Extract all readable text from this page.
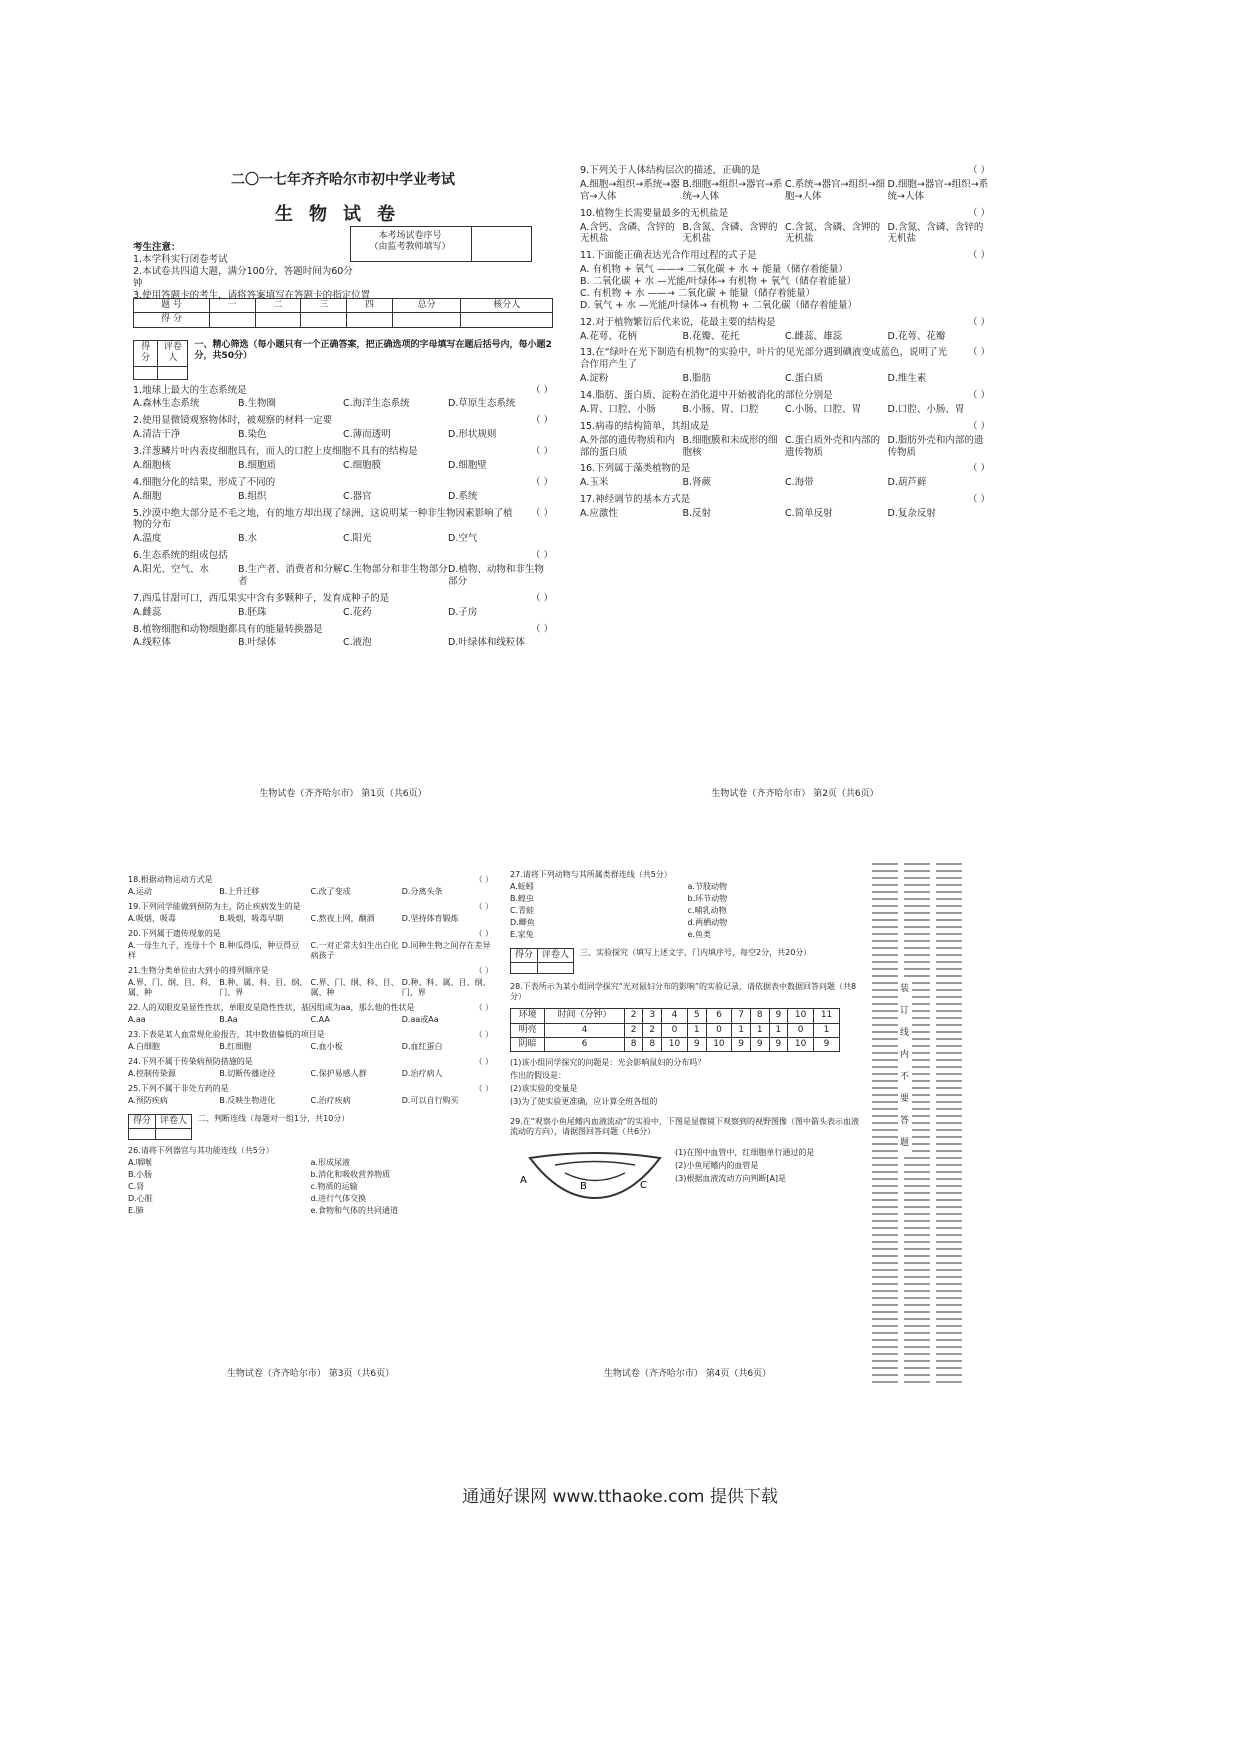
二〇一七年齐齐哈尔市初中学业考试
生物试卷
本考场试卷序号
（由监考教师填写）
考生注意：
1.本学科实行闭卷考试
2.本试卷共四道大题，满分100分，答题时间为60分钟
3.使用答题卡的考生，请将答案填写在答题卡的指定位置
题 号	一	二	三	四	总分	核分人
得 分						
得分	评卷人

一、精心筛选（每小题只有一个正确答案，把正确选项的字母填写在题后括号内，每小题2分，共50分）
1.地球上最大的生态系统是	（ ）
A.森林生态系统	B.生物圈	C.海洋生态系统	D.草原生态系统
2.使用显微镜观察物体时，被观察的材料一定要	（ ）
A.清洁干净	B.染色	C.薄而透明	D.形状规则
3.洋葱鳞片叶内表皮细胞具有，而人的口腔上皮细胞不具有的结构是	（ ）
A.细胞核	B.细胞质	C.细胞膜	D.细胞壁
4.细胞分化的结果，形成了不同的	（ ）
A.细胞	B.组织	C.器官	D.系统
5.沙漠中绝大部分是不毛之地，有的地方却出现了绿洲，这说明某一种非生物因素影响了植物的分布
（ ）
A.温度	B.水	C.阳光	D.空气
6.生态系统的组成包括	（ ）
A.阳光、空气、水	B.生产者、消费者和分解者
C.生物部分和非生物部分 D.植物、动物和非生物部分
7.西瓜甘甜可口，西瓜果实中含有多颗种子，发育成种子的是	（ ）
A.雌蕊	B.胚珠	C.花药	D.子房
8.植物细胞和动物细胞都具有的能量转换器是	（ ）
A.线粒体	B.叶绿体	C.液泡	D.叶绿体和线粒体
生物试卷（齐齐哈尔市） 第1页（共6页）
9.下列关于人体结构层次的描述，正确的是	（ ）
A.细胞→组织→系统→器官→人体
B.细胞→组织→器官→系统→人体
C.系统→器官→组织→细胞→人体
D.细胞→器官→组织→系统→人体
10.植物生长需要量最多的无机盐是	（ ）
A.含钙、含磷、含锌的无机盐
B.含氮、含磷、含钾的无机盐
C.含氮、含磷、含钾的无机盐
D.含氮、含磷、含锌的无机盐
11.下面能正确表达光合作用过程的式子是	（ ）
A. 有机物 + 氧气 ——→ 二氧化碳 + 水 + 能量（储存着能量）
B. 二氧化碳 + 水 —光能/叶绿体→ 有机物 + 氧气（储存着能量）
C. 有机物 + 水 ——→ 二氧化碳 + 能量（储存着能量）
D. 氧气 + 水 —光能/叶绿体→ 有机物 + 二氧化碳（储存着能量）
12.对于植物繁衍后代来说，花最主要的结构是	（ ）
A.花萼、花柄	B.花瓣、花托	C.雌蕊、雄蕊	D.花萼、花瓣
13.在“绿叶在光下制造有机物”的实验中，叶片的见光部分遇到碘液变成蓝色，说明了光合作用产生了
（ ）
A.淀粉	B.脂肪	C.蛋白质	D.维生素
14.脂肪、蛋白质、淀粉在消化道中开始被消化的部位分别是	（ ）
A.胃、口腔、小肠	B.小肠、胃、口腔	C.小肠、口腔、胃	D.口腔、小肠、胃
15.病毒的结构简单，其组成是	（ ）
A.外部的遗传物质和内部的蛋白质
B.细胞膜和未成形的细胞核
C.蛋白质外壳和内部的遗传物质
D.脂肪外壳和内部的遗传物质
16.下列属于藻类植物的是	（ ）
A.玉米	B.肾蕨	C.海带	D.葫芦藓
17.神经调节的基本方式是	（ ）
A.应激性	B.反射	C.简单反射	D.复杂反射
生物试卷（齐齐哈尔市） 第2页（共6页）
18.根据动物运动方式是	（ ）
A.运动	B.上升迁移	C.改了变成	D.分离头条
19.下列同学能做到预防为主，防止疾病发生的是	（ ）
A.吸烟，吸毒	B.吸烟，吸毒早期	C.熬夜上网，酗酒	D.坚持体育锻炼
20.下列属于遗传现象的是	（ ）
A.一母生九子，连母十个样
B.种瓜得瓜，种豆得豆	C.一对正常夫妇生出白化病孩子
D.同种生物之间存在差异
21.生物分类单位由大到小的排列顺序是	（ ）
A.界、门、纲、目、科、属、种
B.种、属、科、目、纲、门、界
C.界、门、纲、科、目、属、种
D.种、科、属、目、纲、门、界
22.人的双眼皮是显性性状，单眼皮是隐性性状，基因组成为aa，那么他的性状是	（ ）
A.aa	B.Aa	C.AA	D.aa或Aa
23.下表是某人血常规化验报告，其中数值偏低的项目是	（ ）
A.白细胞	B.红细胞	C.血小板	D.血红蛋白
24.下列不属于传染病预防措施的是	（ ）
A.控制传染源	B.切断传播途径	C.保护易感人群	D.治疗病人
25.下列不属于非处方药的是	（ ）
A.预防疾病	B.反映生物进化	C.治疗疾病	D.可以自行购买
得分	评卷人
	二、判断连线（每题对一组1分，共10分）
26.请将下列器官与其功能连线（共5分）
A.咽喉	a.形成尿液
B.小肠	b.消化和吸收营养物质
C.肾	c.物质的运输
D.心脏	d.进行气体交换
E.肺	e.食物和气体的共同通道
生物试卷（齐齐哈尔市） 第3页（共6页）
27.请将下列动物与其所属类群连线（共5分）
A.蚯蚓	a.节肢动物
B.蝗虫	b.环节动物
C.青蛙	c.哺乳动物
D.鲫鱼	d.两栖动物
E.家兔	e.鱼类
得分	评卷人
	三、实验探究（填写上述文字，门内填序号，每空2分，共20分）
28.下表所示为某小组同学探究“光对鼠妇分布的影响”的实验记录，请依据表中数据回答问题（共8分）
环境	时间（分钟）	2	3	4	5	6	7	8	9	10	11
明亮	4	2	2	0	1	0	1	1	1	0	1
阴暗	6	8	8	10	9	10	9	9	9	10	9
(1)该小组同学探究的问题是：光会影响鼠妇的分布吗？
作出的假设是：
(2)该实验的变量是
(3)为了使实验更准确，应计算全班各组的
29.在“观察小鱼尾鳍内血液流动”的实验中，下图是显微镜下观察到的视野图像（图中箭头表示血液流动的方向），请据图回答问题（共6分）
A
B	C
(1)在图中血管中，红细胞单行通过的是
(2)小鱼尾鳍内的血管是
(3)根据血液流动方向判断[A]是
生物试卷（齐齐哈尔市） 第4页（共6页）
装订线内不要答题
通通好课网 www.tthaoke.com 提供下载
